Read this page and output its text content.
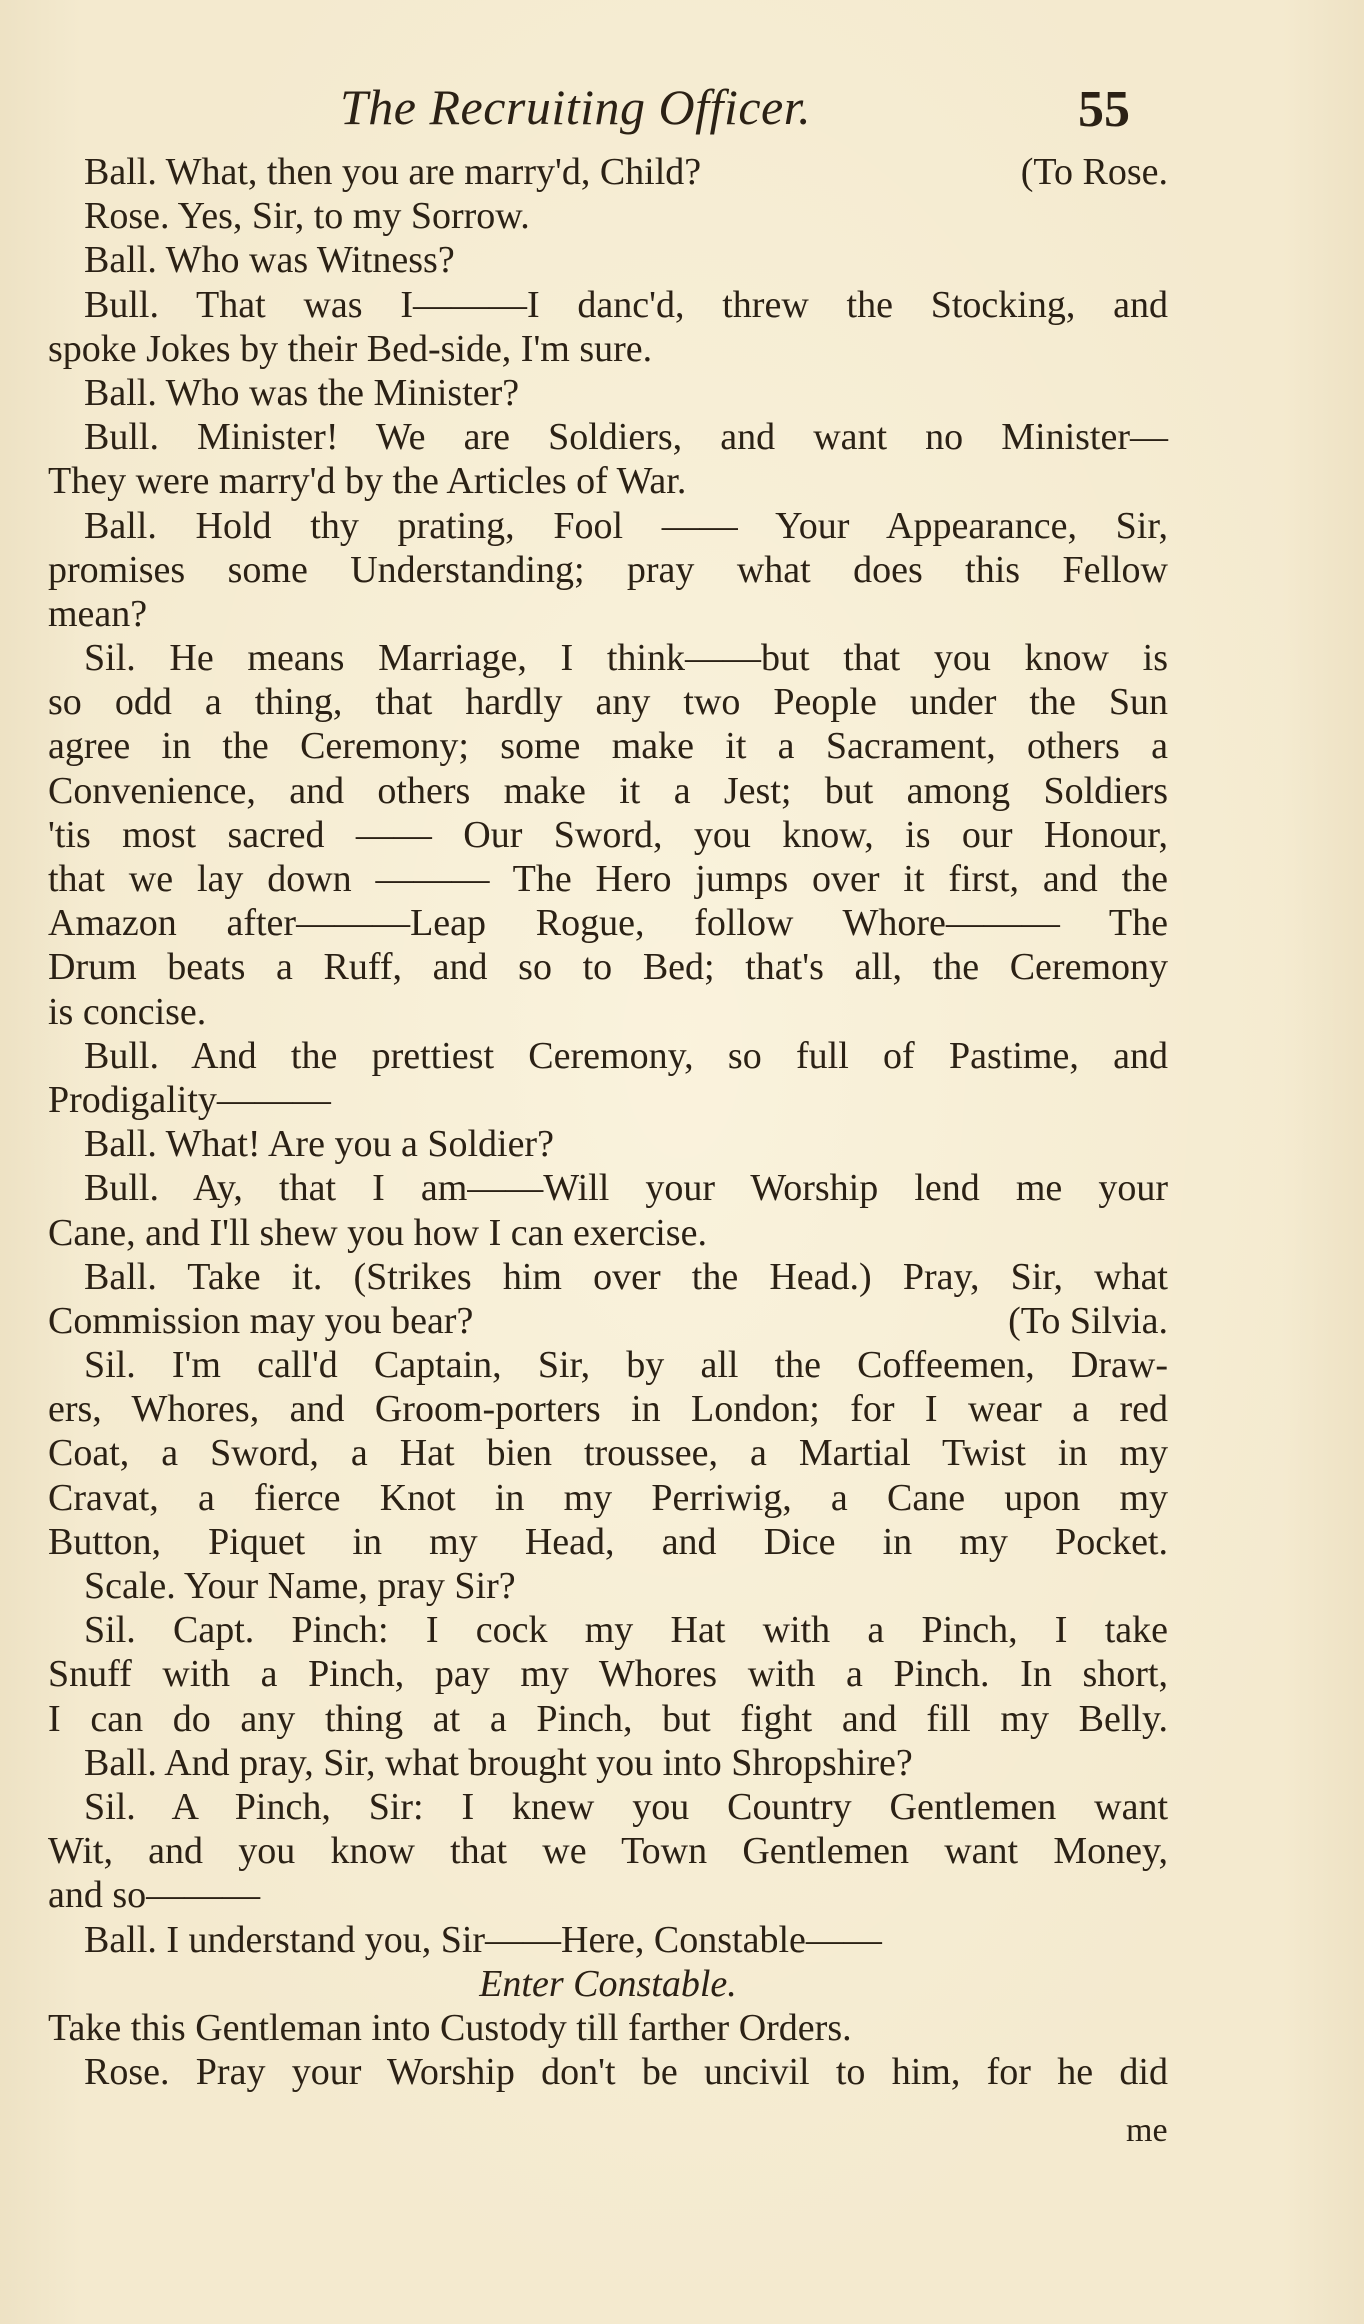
The Recruiting Officer.	55
Ball. What, then you are marry'd, Child?	(To Rose.
Rose. Yes, Sir, to my Sorrow.
Ball. Who was Witness?
Bull. That was I———I danc'd, threw the Stocking, and
spoke Jokes by their Bed-side, I'm sure.
Ball. Who was the Minister?
Bull. Minister! We are Soldiers, and want no Minister—
They were marry'd by the Articles of War.
Ball. Hold thy prating, Fool —— Your Appearance, Sir,
promises some Understanding; pray what does this Fellow
mean?
Sil. He means Marriage, I think——but that you know is
so odd a thing, that hardly any two People under the Sun
agree in the Ceremony; some make it a Sacrament, others a
Convenience, and others make it a Jest; but among Soldiers
'tis most sacred —— Our Sword, you know, is our Honour,
that we lay down ——— The Hero jumps over it first, and the
Amazon after———Leap Rogue, follow Whore——— The
Drum beats a Ruff, and so to Bed; that's all, the Ceremony
is concise.
Bull. And the prettiest Ceremony, so full of Pastime, and
Prodigality———
Ball. What! Are you a Soldier?
Bull. Ay, that I am——Will your Worship lend me your
Cane, and I'll shew you how I can exercise.
Ball. Take it. (Strikes him over the Head.) Pray, Sir, what
Commission may you bear?	(To Silvia.
Sil. I'm call'd Captain, Sir, by all the Coffeemen, Draw-
ers, Whores, and Groom-porters in London; for I wear a red
Coat, a Sword, a Hat bien troussee, a Martial Twist in my
Cravat, a fierce Knot in my Perriwig, a Cane upon my
Button, Piquet in my Head, and Dice in my Pocket.
Scale. Your Name, pray Sir?
Sil. Capt. Pinch: I cock my Hat with a Pinch, I take
Snuff with a Pinch, pay my Whores with a Pinch. In short,
I can do any thing at a Pinch, but fight and fill my Belly.
Ball. And pray, Sir, what brought you into Shropshire?
Sil. A Pinch, Sir: I knew you Country Gentlemen want
Wit, and you know that we Town Gentlemen want Money,
and so———
Ball. I understand you, Sir——Here, Constable——
Enter Constable.
Take this Gentleman into Custody till farther Orders.
Rose. Pray your Worship don't be uncivil to him, for he did
me
